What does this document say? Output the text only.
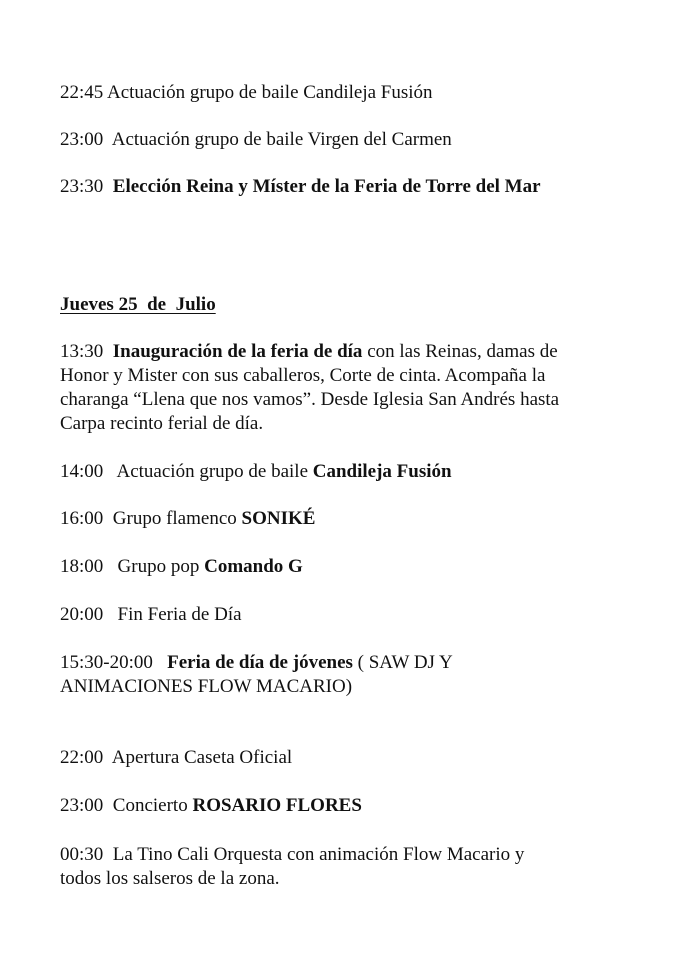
22:45 Actuación grupo de baile Candileja Fusión
23:00 Actuación grupo de baile Virgen del Carmen
23:30 Elección Reina y Míster de la Feria de Torre del Mar
Jueves 25  de  Julio
13:30 Inauguración de la feria de día con las Reinas, damas de
Honor y Mister con sus caballeros, Corte de cinta. Acompaña la
charanga “Llena que nos vamos”. Desde Iglesia San Andrés hasta
Carpa recinto ferial de día.
14:00 Actuación grupo de baile Candileja Fusión
16:00 Grupo flamenco SONIKÉ
18:00 Grupo pop Comando G
20:00 Fin Feria de Día
15:30-20:00 Feria de día de jóvenes ( SAW DJ Y
ANIMACIONES FLOW MACARIO)
22:00 Apertura Caseta Oficial
23:00 Concierto ROSARIO FLORES
00:30 La Tino Cali Orquesta con animación Flow Macario y
todos los salseros de la zona.
